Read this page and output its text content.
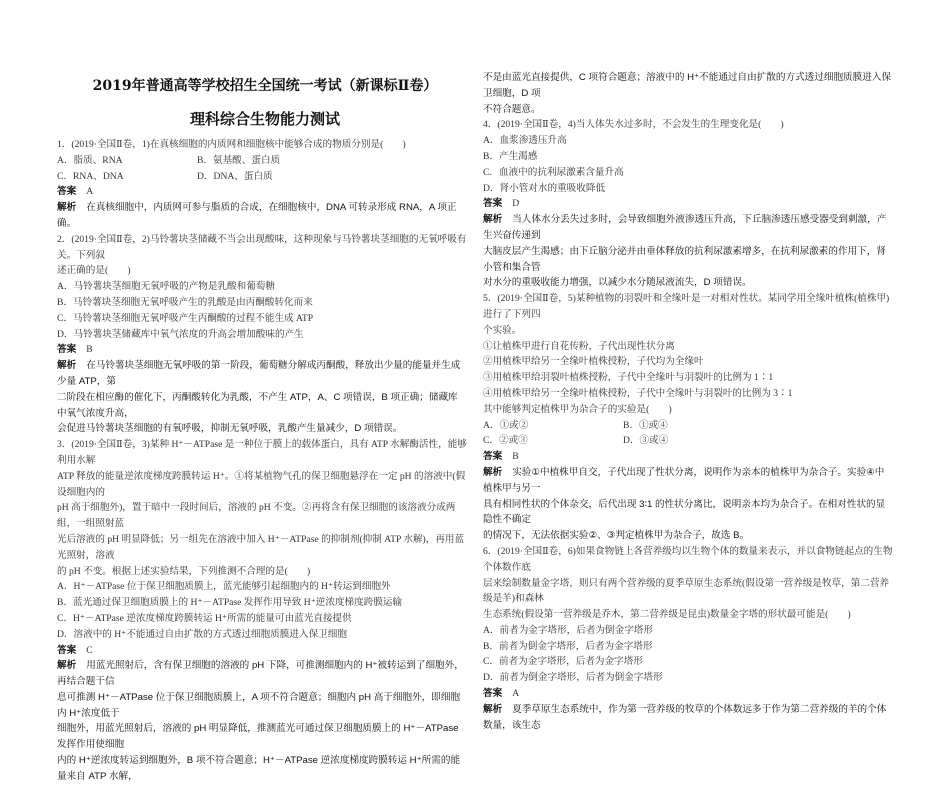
2019年普通高等学校招生全国统一考试（新课标Ⅱ卷）
理科综合生物能力测试
1．(2019·全国Ⅱ卷，1)在真核细胞的内质网和细胞核中能够合成的物质分别是(　　)
A．脂质、RNA	B．氨基酸、蛋白质
C．RNA、DNA	D．DNA、蛋白质
答案 A
解析 在真核细胞中，内质网可参与脂质的合成，在细胞核中，DNA 可转录形成 RNA，A 项正确。
2．(2019·全国Ⅱ卷，2)马铃薯块茎储藏不当会出现酸味，这种现象与马铃薯块茎细胞的无氧呼吸有关。下列叙
述正确的是(　　)
A．马铃薯块茎细胞无氧呼吸的产物是乳酸和葡萄糖
B．马铃薯块茎细胞无氧呼吸产生的乳酸是由丙酮酸转化而来
C．马铃薯块茎细胞无氧呼吸产生丙酮酸的过程不能生成 ATP
D．马铃薯块茎储藏库中氧气浓度的升高会增加酸味的产生
答案 B
解析 在马铃薯块茎细胞无氧呼吸的第一阶段，葡萄糖分解成丙酮酸，释放出少量的能量并生成少量 ATP，第
二阶段在相应酶的催化下，丙酮酸转化为乳酸，不产生 ATP，A、C 项错误，B 项正确；储藏库中氧气浓度升高，
会促进马铃薯块茎细胞的有氧呼吸，抑制无氧呼吸，乳酸产生量减少，D 项错误。
3．(2019·全国Ⅱ卷，3)某种 H⁺－ATPase 是一种位于膜上的载体蛋白，具有 ATP 水解酶活性，能够利用水解
ATP 释放的能量逆浓度梯度跨膜转运 H⁺。①将某植物气孔的保卫细胞悬浮在一定 pH 的溶液中(假设细胞内的
pH 高于细胞外)，置于暗中一段时间后，溶液的 pH 不变。②再将含有保卫细胞的该溶液分成两组，一组照射蓝
光后溶液的 pH 明显降低；另一组先在溶液中加入 H⁺－ATPase 的抑制剂(抑制 ATP 水解)，再用蓝光照射，溶液
的 pH 不变。根据上述实验结果，下列推测不合理的是(　　)
A．H⁺－ATPase 位于保卫细胞质膜上，蓝光能够引起细胞内的 H⁺转运到细胞外
B．蓝光通过保卫细胞质膜上的 H⁺－ATPase 发挥作用导致 H⁺逆浓度梯度跨膜运输
C．H⁺－ATPase 逆浓度梯度跨膜转运 H⁺所需的能量可由蓝光直接提供
D．溶液中的 H⁺不能通过自由扩散的方式透过细胞质膜进入保卫细胞
答案 C
解析 用蓝光照射后，含有保卫细胞的溶液的 pH 下降，可推测细胞内的 H⁺被转运到了细胞外，再结合题干信
息可推测 H⁺－ATPase 位于保卫细胞质膜上，A 项不符合题意；细胞内 pH 高于细胞外，即细胞内 H⁺浓度低于
细胞外，用蓝光照射后，溶液的 pH 明显降低，推测蓝光可通过保卫细胞质膜上的 H⁺－ATPase 发挥作用使细胞
内的 H⁺逆浓度转运到细胞外，B 项不符合题意；H⁺－ATPase 逆浓度梯度跨膜转运 H⁺所需的能量来自 ATP 水解，
不是由蓝光直接提供，C 项符合题意；溶液中的 H⁺不能通过自由扩散的方式透过细胞质膜进入保卫细胞，D 项
不符合题意。
4．(2019·全国Ⅱ卷，4)当人体失水过多时，不会发生的生理变化是(　　)
A．血浆渗透压升高
B．产生渴感
C．血液中的抗利尿激素含量升高
D．肾小管对水的重吸收降低
答案 D
解析 当人体水分丢失过多时，会导致细胞外液渗透压升高，下丘脑渗透压感受器受到刺激，产生兴奋传递到
大脑皮层产生渴感；由下丘脑分泌并由垂体释放的抗利尿激素增多，在抗利尿激素的作用下，肾小管和集合管
对水分的重吸收能力增强，以减少水分随尿液流失，D 项错误。
5．(2019·全国Ⅱ卷，5)某种植物的羽裂叶和全缘叶是一对相对性状。某同学用全缘叶植株(植株甲)进行了下列四
个实验。
①让植株甲进行自花传粉，子代出现性状分离
②用植株甲给另一全缘叶植株授粉，子代均为全缘叶
③用植株甲给羽裂叶植株授粉，子代中全缘叶与羽裂叶的比例为 1∶1
④用植株甲给另一全缘叶植株授粉，子代中全缘叶与羽裂叶的比例为 3∶1
其中能够判定植株甲为杂合子的实验是(　　)
A．①或②	B．①或④
C．②或③	D．③或④
答案 B
解析 实验①中植株甲自交，子代出现了性状分离，说明作为亲本的植株甲为杂合子。实验④中植株甲与另一
具有相同性状的个体杂交，后代出现 3∶1 的性状分离比，说明亲本均为杂合子。在相对性状的显隐性不确定
的情况下，无法依据实验②、③判定植株甲为杂合子，故选 B。
6．(2019·全国Ⅱ卷，6)如果食物链上各营养级均以生物个体的数量来表示，并以食物链起点的生物个体数作底
层来绘制数量金字塔，则只有两个营养级的夏季草原生态系统(假设第一营养级是牧草，第二营养级是羊)和森林
生态系统(假设第一营养级是乔木，第二营养级是昆虫)数量金字塔的形状最可能是(　　)
A．前者为金字塔形，后者为倒金字塔形
B．前者为倒金字塔形，后者为金字塔形
C．前者为金字塔形，后者为金字塔形
D．前者为倒金字塔形，后者为倒金字塔形
答案 A
解析 夏季草原生态系统中，作为第一营养级的牧草的个体数远多于作为第二营养级的羊的个体数量，该生态
